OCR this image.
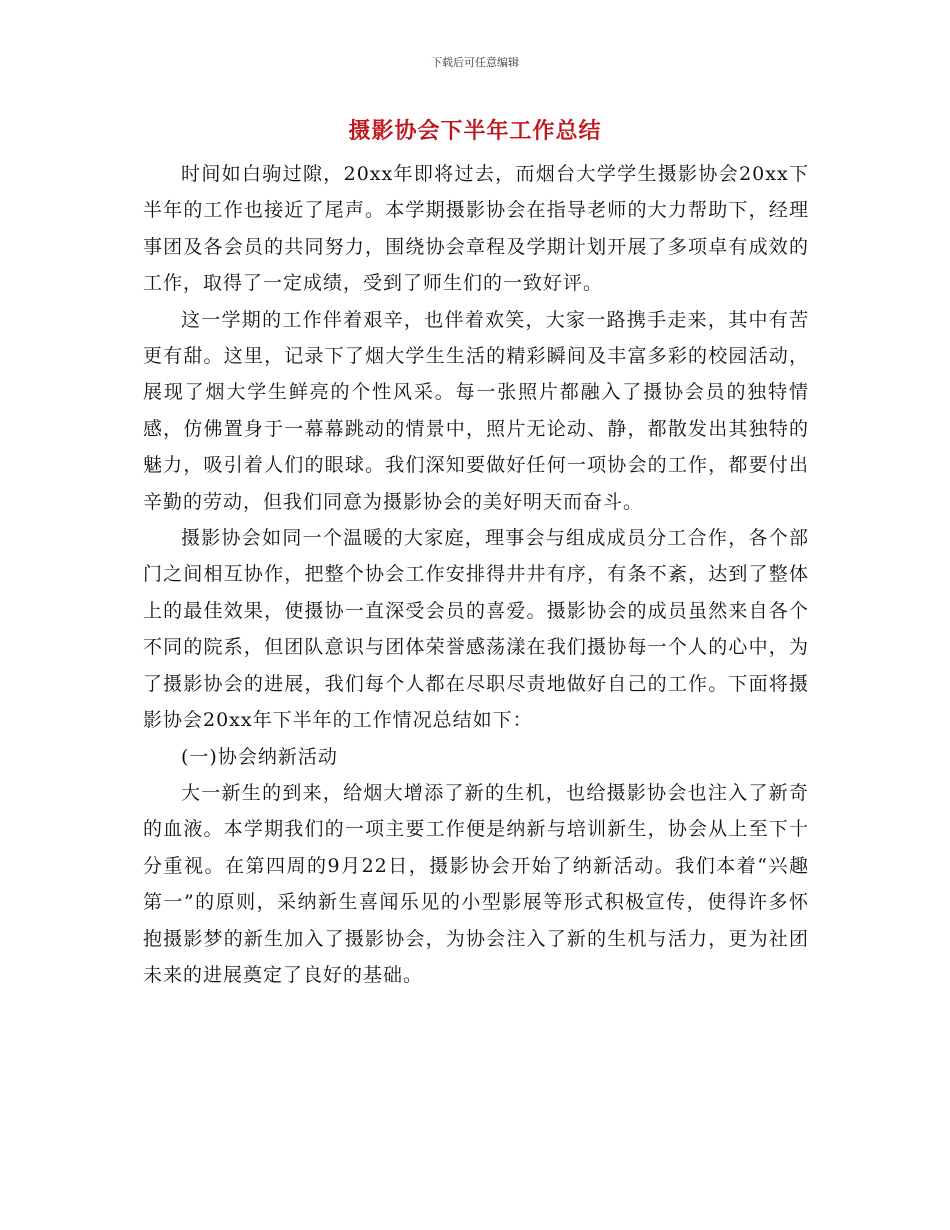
下载后可任意编辑
摄影协会下半年工作总结

时间如白驹过隙，20xx年即将过去，而烟台大学学生摄影协会20xx下半年的工作也接近了尾声。本学期摄影协会在指导老师的大力帮助下，经理事团及各会员的共同努力，围绕协会章程及学期计划开展了多项卓有成效的工作，取得了一定成绩，受到了师生们的一致好评。

这一学期的工作伴着艰辛，也伴着欢笑，大家一路携手走来，其中有苦更有甜。这里，记录下了烟大学生生活的精彩瞬间及丰富多彩的校园活动，展现了烟大学生鲜亮的个性风采。每一张照片都融入了摄协会员的独特情感，仿佛置身于一幕幕跳动的情景中，照片无论动、静，都散发出其独特的魅力，吸引着人们的眼球。我们深知要做好任何一项协会的工作，都要付出辛勤的劳动，但我们同意为摄影协会的美好明天而奋斗。

摄影协会如同一个温暖的大家庭，理事会与组成成员分工合作，各个部门之间相互协作，把整个协会工作安排得井井有序，有条不紊，达到了整体上的最佳效果，使摄协一直深受会员的喜爱。摄影协会的成员虽然来自各个不同的院系，但团队意识与团体荣誉感荡漾在我们摄协每一个人的心中，为了摄影协会的进展，我们每个人都在尽职尽责地做好自己的工作。下面将摄影协会20xx年下半年的工作情况总结如下：

(一)协会纳新活动

大一新生的到来，给烟大增添了新的生机，也给摄影协会也注入了新奇的血液。本学期我们的一项主要工作便是纳新与培训新生，协会从上至下十分重视。在第四周的9月22日，摄影协会开始了纳新活动。我们本着“兴趣第一”的原则，采纳新生喜闻乐见的小型影展等形式积极宣传，使得许多怀抱摄影梦的新生加入了摄影协会，为协会注入了新的生机与活力，更为社团未来的进展奠定了良好的基础。
